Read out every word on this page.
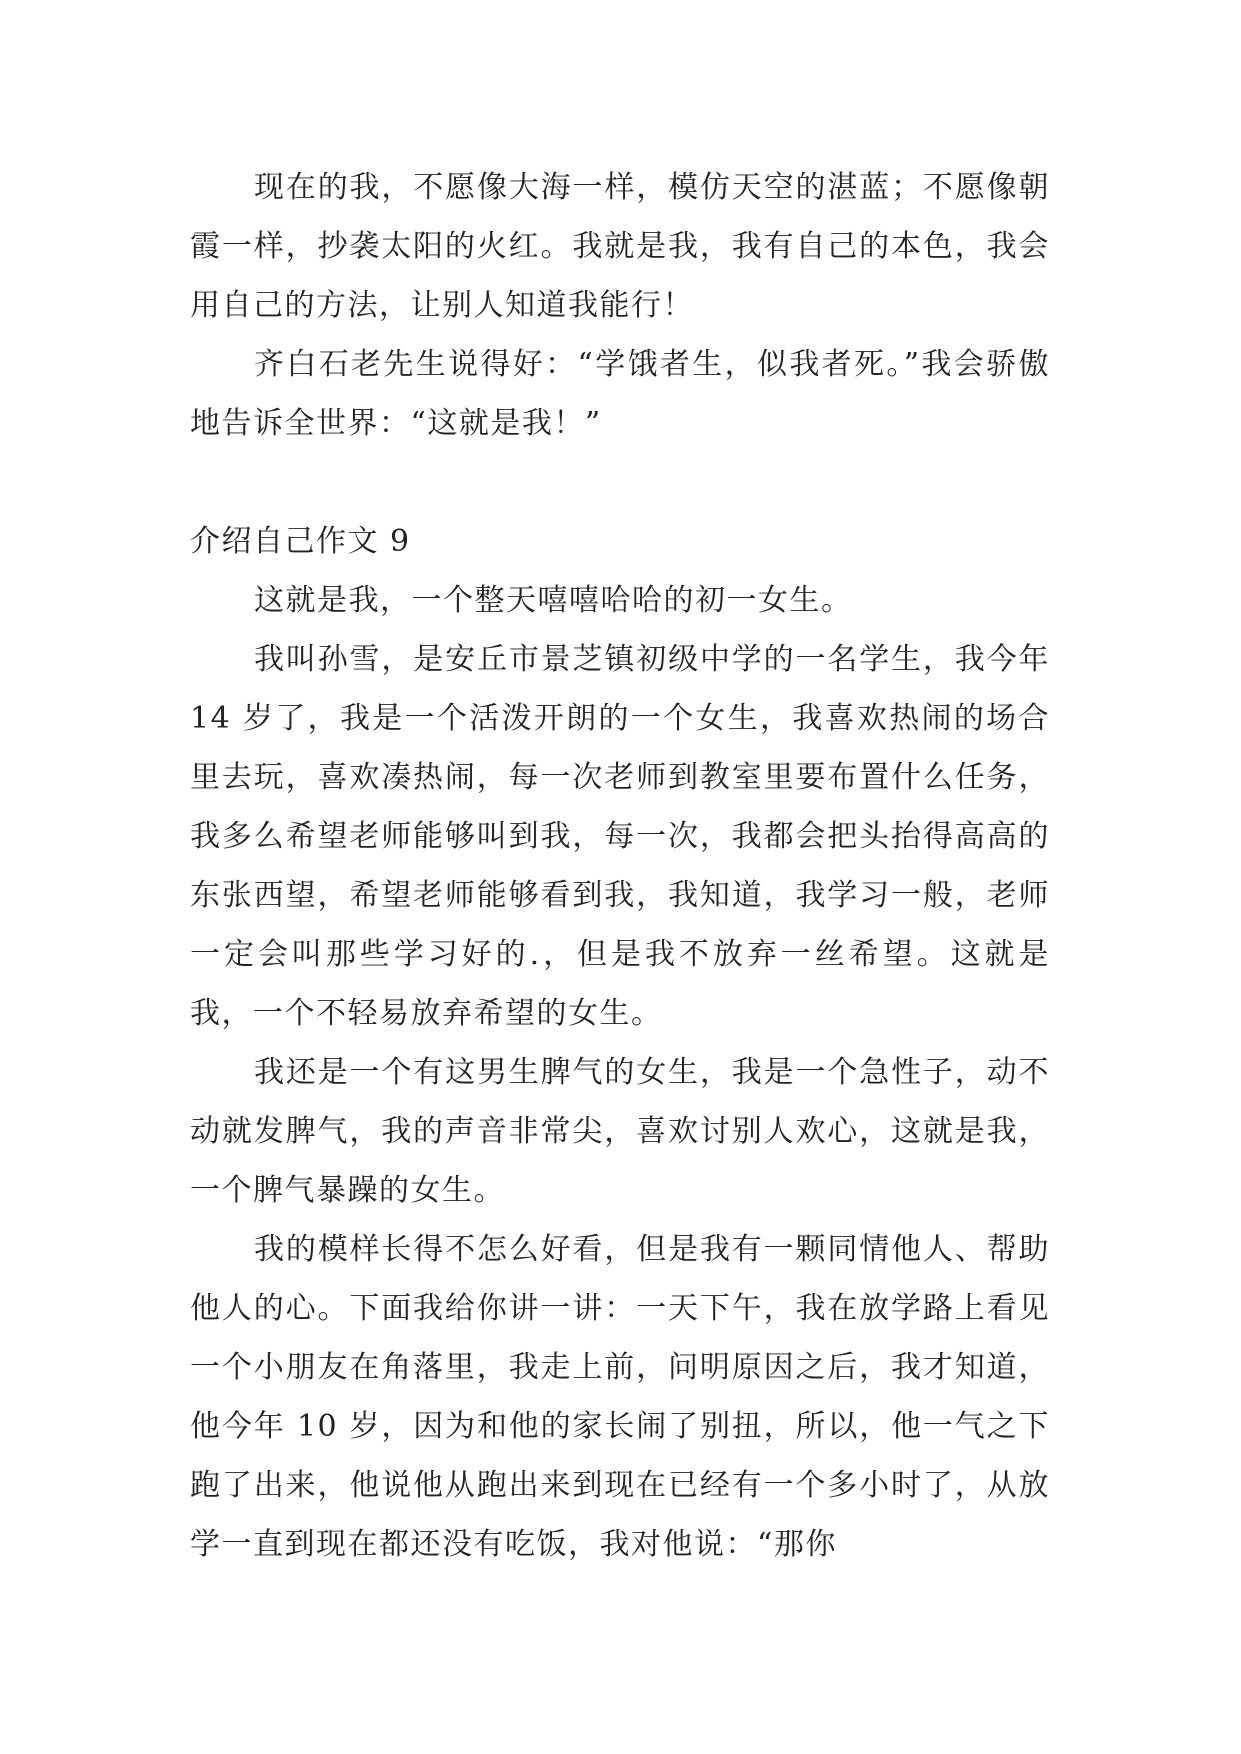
现在的我，不愿像大海一样，模仿天空的湛蓝；不愿像朝霞一样，抄袭太阳的火红。我就是我，我有自己的本色，我会用自己的方法，让别人知道我能行！

齐白石老先生说得好：“学饿者生，似我者死。”我会骄傲地告诉全世界：“这就是我！”

介绍自己作文 9

这就是我，一个整天嘻嘻哈哈的初一女生。

我叫孙雪，是安丘市景芝镇初级中学的一名学生，我今年 14 岁了，我是一个活泼开朗的一个女生，我喜欢热闹的场合里去玩，喜欢凑热闹，每一次老师到教室里要布置什么任务，我多么希望老师能够叫到我，每一次，我都会把头抬得高高的东张西望，希望老师能够看到我，我知道，我学习一般，老师一定会叫那些学习好的.，但是我不放弃一丝希望。这就是我，一个不轻易放弃希望的女生。

我还是一个有这男生脾气的女生，我是一个急性子，动不动就发脾气，我的声音非常尖，喜欢讨别人欢心，这就是我，一个脾气暴躁的女生。

我的模样长得不怎么好看，但是我有一颗同情他人、帮助他人的心。下面我给你讲一讲：一天下午，我在放学路上看见一个小朋友在角落里，我走上前，问明原因之后，我才知道，他今年 10 岁，因为和他的家长闹了别扭，所以，他一气之下跑了出来，他说他从跑出来到现在已经有一个多小时了，从放学一直到现在都还没有吃饭，我对他说：“那你
